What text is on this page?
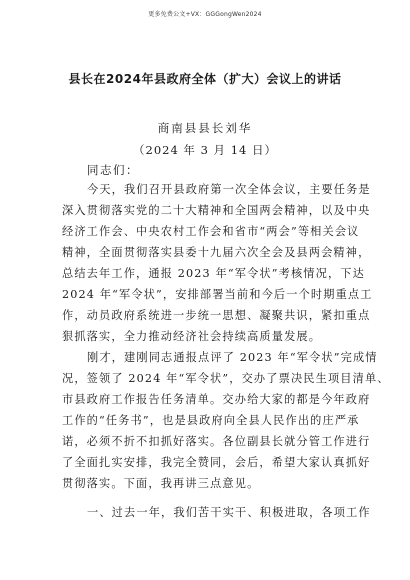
更多免费公文+VX：GGGongWen2024
县长在2024年县政府全体（扩大）会议上的讲话
商南县县长刘华
（2024 年 3 月 14 日）
同志们：
今天，我们召开县政府第一次全体会议，主要任务是
深入贯彻落实党的二十大精神和全国两会精神，以及中央
经济工作会、中央农村工作会和省市“两会”等相关会议
精神，全面贯彻落实县委十九届六次全会及县两会精神，
总结去年工作，通报 2023 年“军令状”考核情况，下达
2024 年“军令状”，安排部署当前和今后一个时期重点工
作，动员政府系统进一步统一思想、凝聚共识，紧扣重点
狠抓落实，全力推动经济社会持续高质量发展。
刚才，建刚同志通报点评了 2023 年“军令状”完成情
况，签领了 2024 年“军令状”，交办了票决民生项目清单、
市县政府工作报告任务清单。交办给大家的都是今年政府
工作的“任务书”，也是县政府向全县人民作出的庄严承
诺，必须不折不扣抓好落实。各位副县长就分管工作进行
了全面扎实安排，我完全赞同，会后，希望大家认真抓好
贯彻落实。下面，我再讲三点意见。
一、过去一年，我们苦干实干、积极进取，各项工作
